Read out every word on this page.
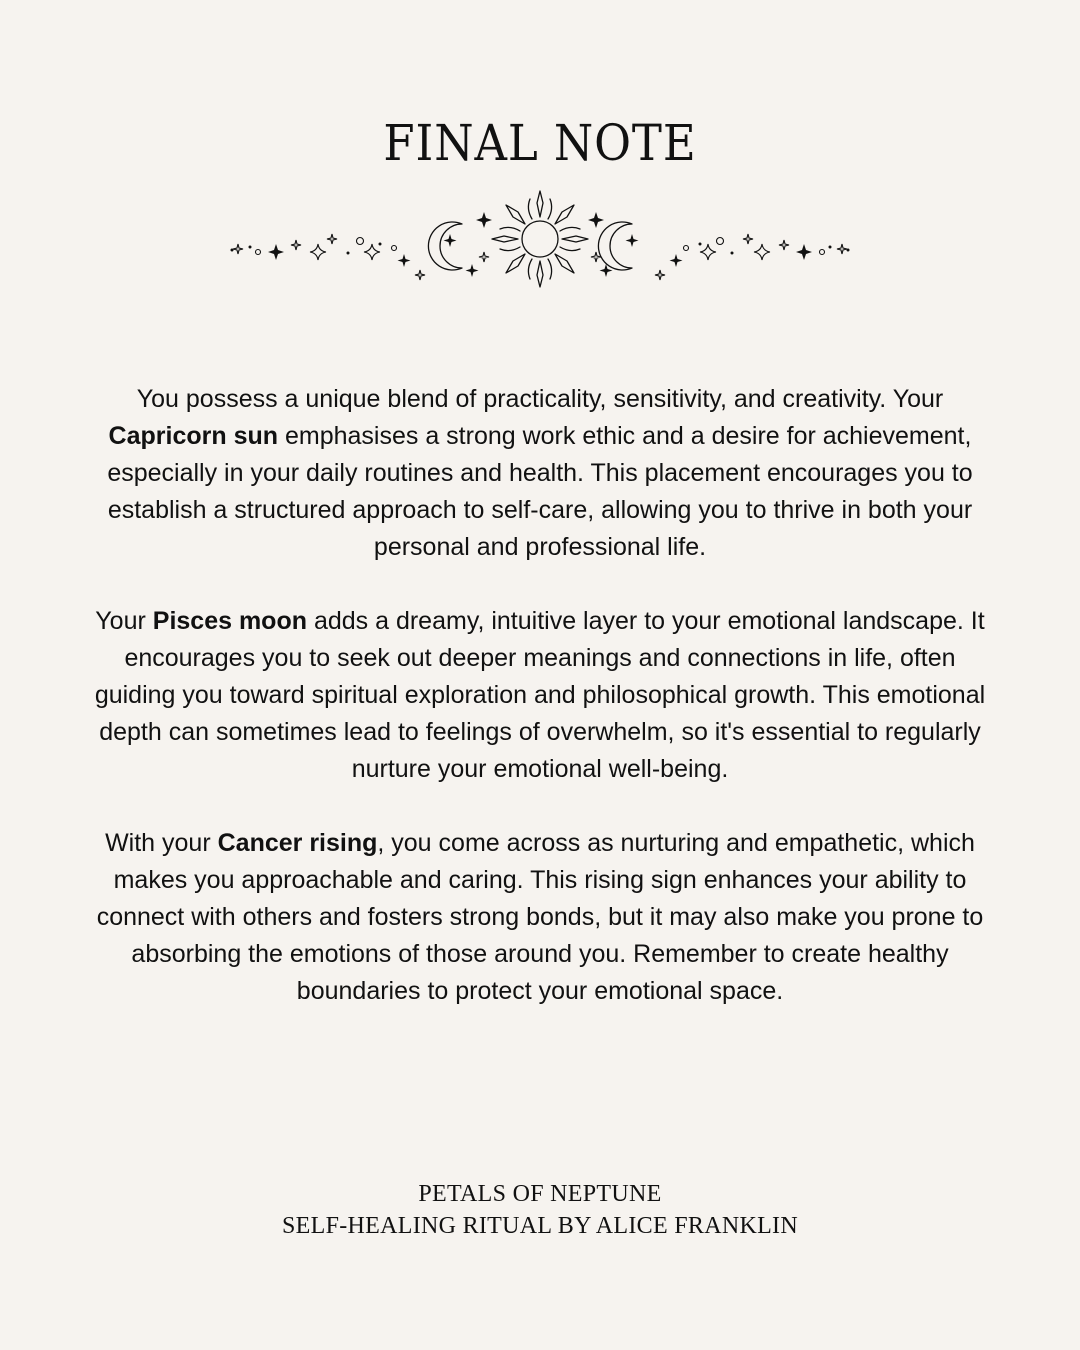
FINAL NOTE

You possess a unique blend of practicality, sensitivity, and creativity. Your Capricorn sun emphasises a strong work ethic and a desire for achievement, especially in your daily routines and health. This placement encourages you to establish a structured approach to self-care, allowing you to thrive in both your personal and professional life.

Your Pisces moon adds a dreamy, intuitive layer to your emotional landscape. It encourages you to seek out deeper meanings and connections in life, often guiding you toward spiritual exploration and philosophical growth. This emotional depth can sometimes lead to feelings of overwhelm, so it's essential to regularly nurture your emotional well-being.

With your Cancer rising, you come across as nurturing and empathetic, which makes you approachable and caring. This rising sign enhances your ability to connect with others and fosters strong bonds, but it may also make you prone to absorbing the emotions of those around you. Remember to create healthy boundaries to protect your emotional space.

PETALS OF NEPTUNE
SELF-HEALING RITUAL BY ALICE FRANKLIN
